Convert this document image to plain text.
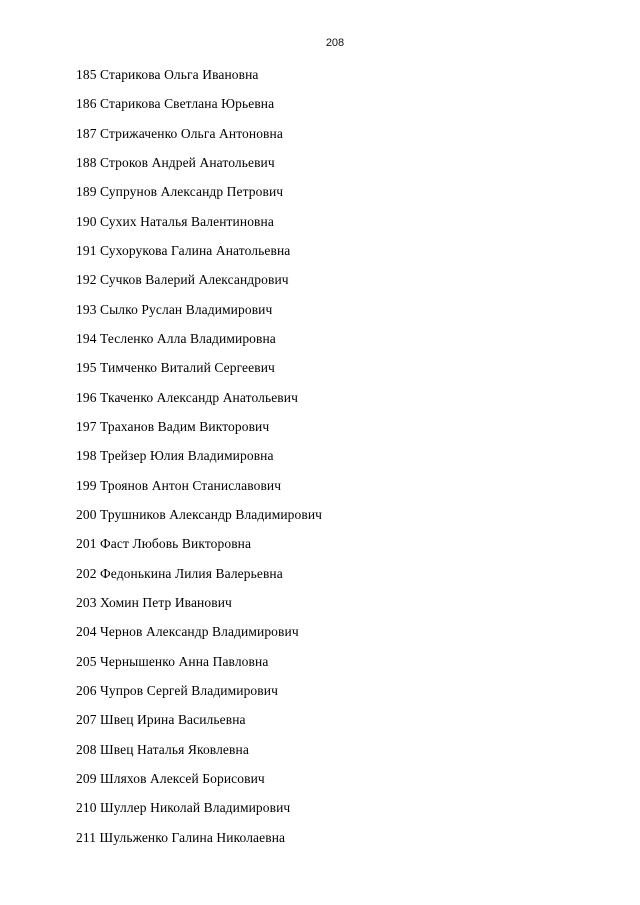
208
185 Старикова Ольга Ивановна
186 Старикова Светлана Юрьевна
187 Стрижаченко Ольга Антоновна
188 Строков Андрей Анатольевич
189 Супрунов Александр Петрович
190 Сухих Наталья Валентиновна
191 Сухорукова Галина Анатольевна
192 Сучков Валерий Александрович
193 Сылко Руслан Владимирович
194 Тесленко Алла Владимировна
195 Тимченко Виталий Сергеевич
196 Ткаченко Александр Анатольевич
197 Траханов Вадим Викторович
198 Трейзер Юлия Владимировна
199 Троянов Антон Станиславович
200 Трушников Александр Владимирович
201 Фаст Любовь Викторовна
202 Федонькина Лилия Валерьевна
203 Хомин Петр Иванович
204 Чернов Александр Владимирович
205 Чернышенко Анна Павловна
206 Чупров Сергей Владимирович
207 Швец Ирина Васильевна
208 Швец Наталья Яковлевна
209 Шляхов Алексей Борисович
210 Шуллер Николай Владимирович
211 Шульженко Галина Николаевна
